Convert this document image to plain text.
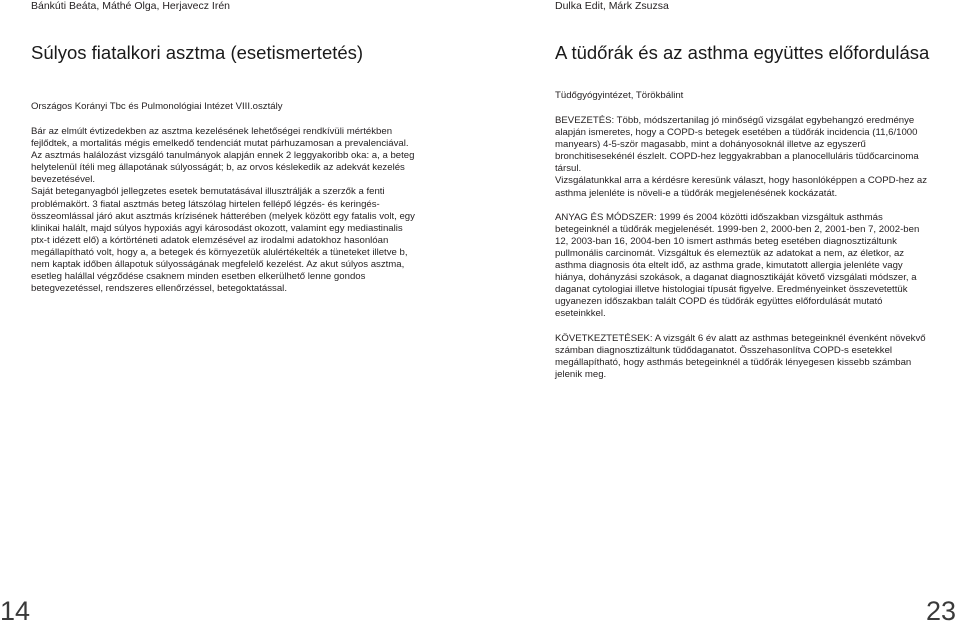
Bánkúti Beáta, Máthé Olga, Herjavecz Irén
Súlyos fiatalkori asztma (esetismertetés)
Országos Korányi Tbc és Pulmonológiai Intézet VIII.osztály

Bár az elmúlt évtizedekben az asztma kezelésének lehetőségei rendkívüli mértékben fejlődtek, a mortalitás mégis emelkedő tendenciát mutat párhuzamosan a prevalenciával. Az asztmás halálozást vizsgáló tanulmányok alapján ennek 2 leggyakoribb oka: a, a beteg helytelenül ítéli meg állapotának súlyosságát; b, az orvos késlekedik az adekvát kezelés bevezetésével.

Saját beteganyagból jellegzetes esetek bemutatásával illusztrálják a szerzők a fenti problémakört. 3 fiatal asztmás beteg látszólag hirtelen fellépő légzés- és keringés-összeomlással járó akut asztmás krízisének hátterében (melyek között egy fatalis volt, egy klinikai halált, majd súlyos hypoxiás agyi károsodást okozott, valamint egy mediastinalis ptx-t idézett elő) a kórtörténeti adatok elemzésével az irodalmi adatokhoz hasonlóan megállapítható volt, hogy a, a betegek és környezetük alulértékelték a tüneteket illetve b, nem kaptak időben állapotuk súlyosságának megfelelő kezelést. Az akut súlyos asztma, esetleg halállal végződése csaknem minden esetben elkerülhető lenne gondos betegvezetéssel, rendszeres ellenőrzéssel, betegoktatással.

Dulka Edit, Márk Zsuzsa
A tüdőrák és az asthma együttes előfordulása
Tüdőgyógyintézet, Törökbálint

BEVEZETÉS: Több, módszertanilag jó minőségű vizsgálat egybehangzó eredménye alapján ismeretes, hogy a COPD-s betegek esetében a tüdőrák incidencia (11,6/1000 manyears) 4-5-ször magasabb, mint a dohányosoknál illetve az egyszerű bronchitisesekénél észlelt. COPD-hez leggyakrabban a planocelluláris tüdőcarcinoma társul.

Vizsgálatunkkal arra a kérdésre keresünk választ, hogy hasonlóképpen a COPD-hez az asthma jelenléte is növeli-e a tüdőrák megjelenésének kockázatát.

ANYAG ÉS MÓDSZER: 1999 és 2004 közötti időszakban vizsgáltuk asthmás betegeinknél a tüdőrák megjelenését. 1999-ben 2, 2000-ben 2, 2001-ben 7, 2002-ben 12, 2003-ban 16, 2004-ben 10 ismert asthmás beteg esetében diagnosztizáltunk pullmonális carcinomát. Vizsgáltuk és elemeztük az adatokat a nem, az életkor, az asthma diagnosis óta eltelt idő, az asthma grade, kimutatott allergia jelenléte vagy hiánya, dohányzási szokások, a daganat diagnosztikáját követő vizsgálati módszer, a daganat cytologiai illetve histologiai típusát figyelve. Eredményeinket összevetettük ugyanezen időszakban talált COPD és tüdőrák együttes előfordulását mutató eseteinkkel.

KÖVETKEZTETÉSEK: A vizsgált 6 év alatt az asthmas betegeinknél évenként növekvő számban diagnosztizáltunk tüdődaganatot. Összehasonlítva COPD-s esetekkel megállapítható, hogy asthmás betegeinknél a tüdőrák lényegesen kissebb számban jelenik meg.

14	23
